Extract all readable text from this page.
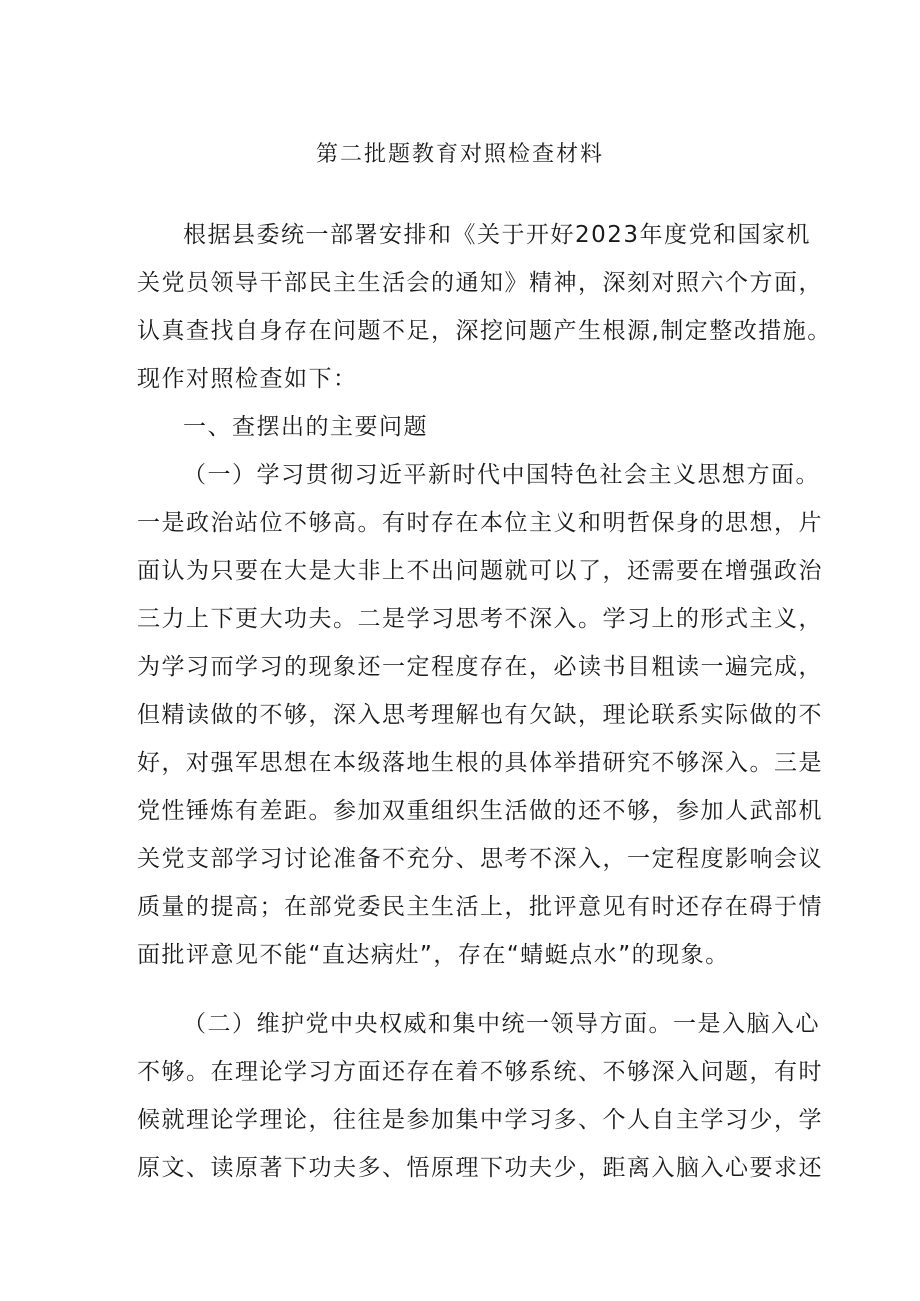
第二批题教育对照检查材料
根据县委统一部署安排和《关于开好2023年度党和国家机
关党员领导干部民主生活会的通知》精神，深刻对照六个方面，
认真查找自身存在问题不足，深挖问题产生根源,制定整改措施。
现作对照检查如下：
一、查摆出的主要问题
（一）学习贯彻习近平新时代中国特色社会主义思想方面。
一是政治站位不够高。有时存在本位主义和明哲保身的思想，片
面认为只要在大是大非上不出问题就可以了，还需要在增强政治
三力上下更大功夫。二是学习思考不深入。学习上的形式主义，
为学习而学习的现象还一定程度存在，必读书目粗读一遍完成，
但精读做的不够，深入思考理解也有欠缺，理论联系实际做的不
好，对强军思想在本级落地生根的具体举措研究不够深入。三是
党性锤炼有差距。参加双重组织生活做的还不够，参加人武部机
关党支部学习讨论准备不充分、思考不深入，一定程度影响会议
质量的提高；在部党委民主生活上，批评意见有时还存在碍于情
面批评意见不能“直达病灶”，存在“蜻蜓点水”的现象。
（二）维护党中央权威和集中统一领导方面。一是入脑入心
不够。在理论学习方面还存在着不够系统、不够深入问题，有时
候就理论学理论，往往是参加集中学习多、个人自主学习少，学
原文、读原著下功夫多、悟原理下功夫少，距离入脑入心要求还
